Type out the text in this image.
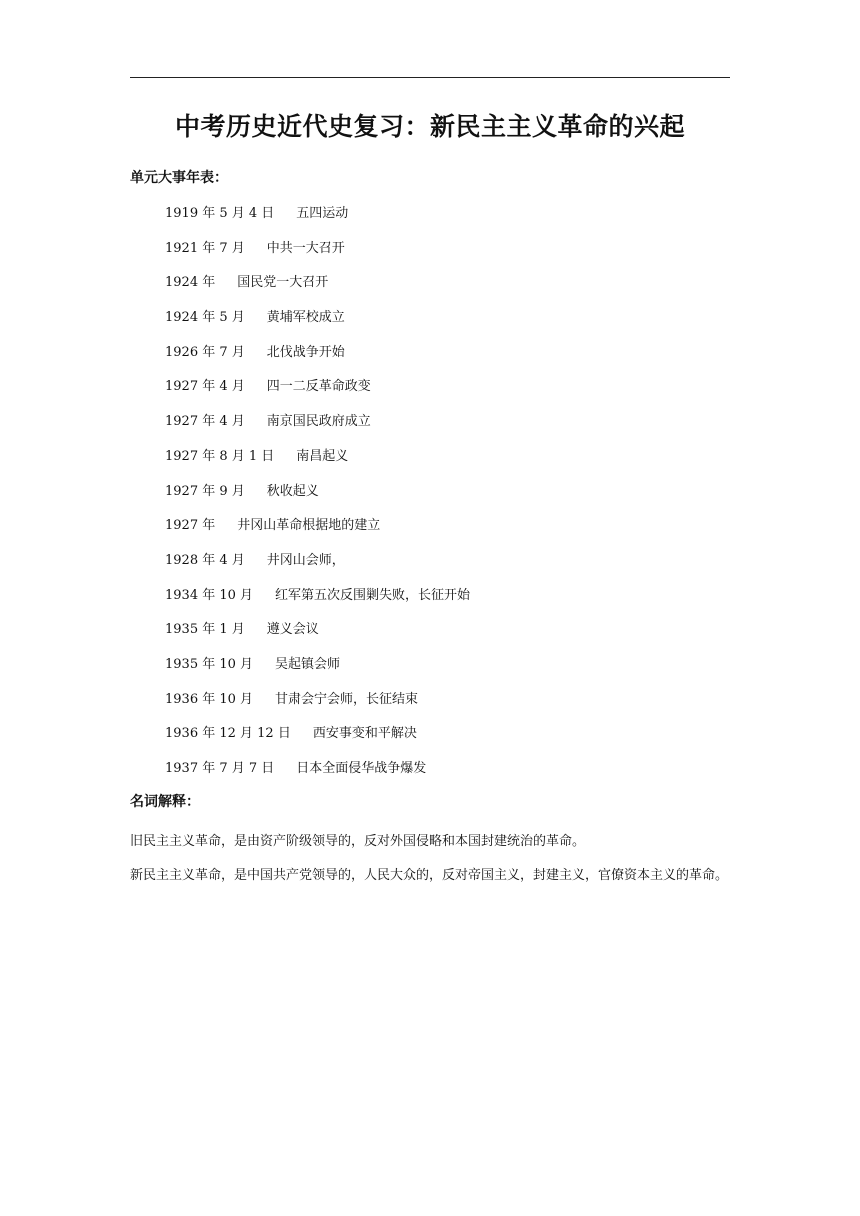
中考历史近代史复习：新民主主义革命的兴起
单元大事年表：
1919 年 5 月 4 日 五四运动
1921 年 7 月 中共一大召开
1924 年 国民党一大召开
1924 年 5 月 黄埔军校成立
1926 年 7 月 北伐战争开始
1927 年 4 月 四一二反革命政变
1927 年 4 月 南京国民政府成立
1927 年 8 月 1 日 南昌起义
1927 年 9 月 秋收起义
1927 年 井冈山革命根据地的建立
1928 年 4 月 井冈山会师，
1934 年 10 月 红军第五次反围剿失败，长征开始
1935 年 1 月 遵义会议
1935 年 10 月 吴起镇会师
1936 年 10 月 甘肃会宁会师，长征结束
1936 年 12 月 12 日 西安事变和平解决
1937 年 7 月 7 日 日本全面侵华战争爆发
名词解释：

旧民主主义革命，是由资产阶级领导的，反对外国侵略和本国封建统治的革命。

新民主主义革命，是中国共产党领导的，人民大众的，反对帝国主义，封建主义，官僚资本主义的革命。
